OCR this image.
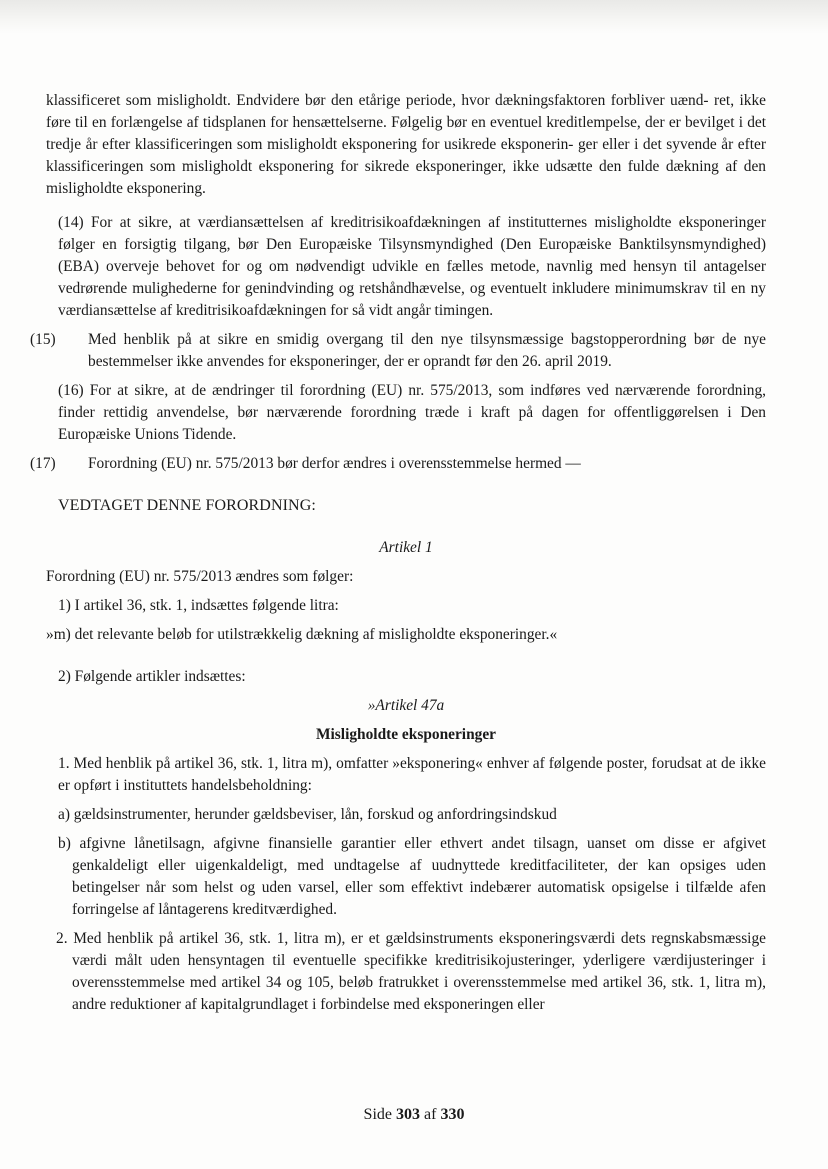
klassificeret som misligholdt. Endvidere bør den etårige periode, hvor dækningsfaktoren forbliver uænd- ret, ikke føre til en forlængelse af tidsplanen for hensættelserne. Følgelig bør en eventuel kreditlempelse, der er bevilget i det tredje år efter klassificeringen som misligholdt eksponering for usikrede eksponerin- ger eller i det syvende år efter klassificeringen som misligholdt eksponering for sikrede eksponeringer, ikke udsætte den fulde dækning af den misligholdte eksponering.

(14) For at sikre, at værdiansættelsen af kreditrisikoafdækningen af institutternes misligholdte eksponeringer følger en forsigtig tilgang, bør Den Europæiske Tilsynsmyndighed (Den Europæiske Banktilsynsmyndighed) (EBA) overveje behovet for og om nødvendigt udvikle en fælles metode, navnlig med hensyn til antagelser vedrørende mulighederne for genindvinding og retshåndhævelse, og eventuelt inkludere minimumskrav til en ny værdiansættelse af kreditrisikoafdækningen for så vidt angår timingen.

(15)	Med henblik på at sikre en smidig overgang til den nye tilsynsmæssige bagstopperordning bør de nye bestemmelser ikke anvendes for eksponeringer, der er oprandt før den 26. april 2019.

(16) For at sikre, at de ændringer til forordning (EU) nr. 575/2013, som indføres ved nærværende forordning, finder rettidig anvendelse, bør nærværende forordning træde i kraft på dagen for offentliggørelsen i Den Europæiske Unions Tidende.

(17)	Forordning (EU) nr. 575/2013 bør derfor ændres i overensstemmelse hermed —

VEDTAGET DENNE FORORDNING:

Artikel 1

Forordning (EU) nr. 575/2013 ændres som følger:

1) I artikel 36, stk. 1, indsættes følgende litra:

»m) det relevante beløb for utilstrækkelig dækning af misligholdte eksponeringer.«

2) Følgende artikler indsættes:

»Artikel 47a

Misligholdte eksponeringer

1. Med henblik på artikel 36, stk. 1, litra m), omfatter »eksponering« enhver af følgende poster, forudsat at de ikke er opført i instituttets handelsbeholdning:

a) gældsinstrumenter, herunder gældsbeviser, lån, forskud og anfordringsindskud

b) afgivne lånetilsagn, afgivne finansielle garantier eller ethvert andet tilsagn, uanset om disse er afgivet genkaldeligt eller uigenkaldeligt, med undtagelse af uudnyttede kreditfaciliteter, der kan opsiges uden betingelser når som helst og uden varsel, eller som effektivt indebærer automatisk opsigelse i tilfælde afen forringelse af låntagerens kreditværdighed.

2. Med henblik på artikel 36, stk. 1, litra m), er et gældsinstruments eksponeringsværdi dets regnskabsmæssige værdi målt uden hensyntagen til eventuelle specifikke kreditrisikojusteringer, yderligere værdijusteringer i overensstemmelse med artikel 34 og 105, beløb fratrukket i overensstemmelse med artikel 36, stk. 1, litra m), andre reduktioner af kapitalgrundlaget i forbindelse med eksponeringen eller

Side 303 af 330
